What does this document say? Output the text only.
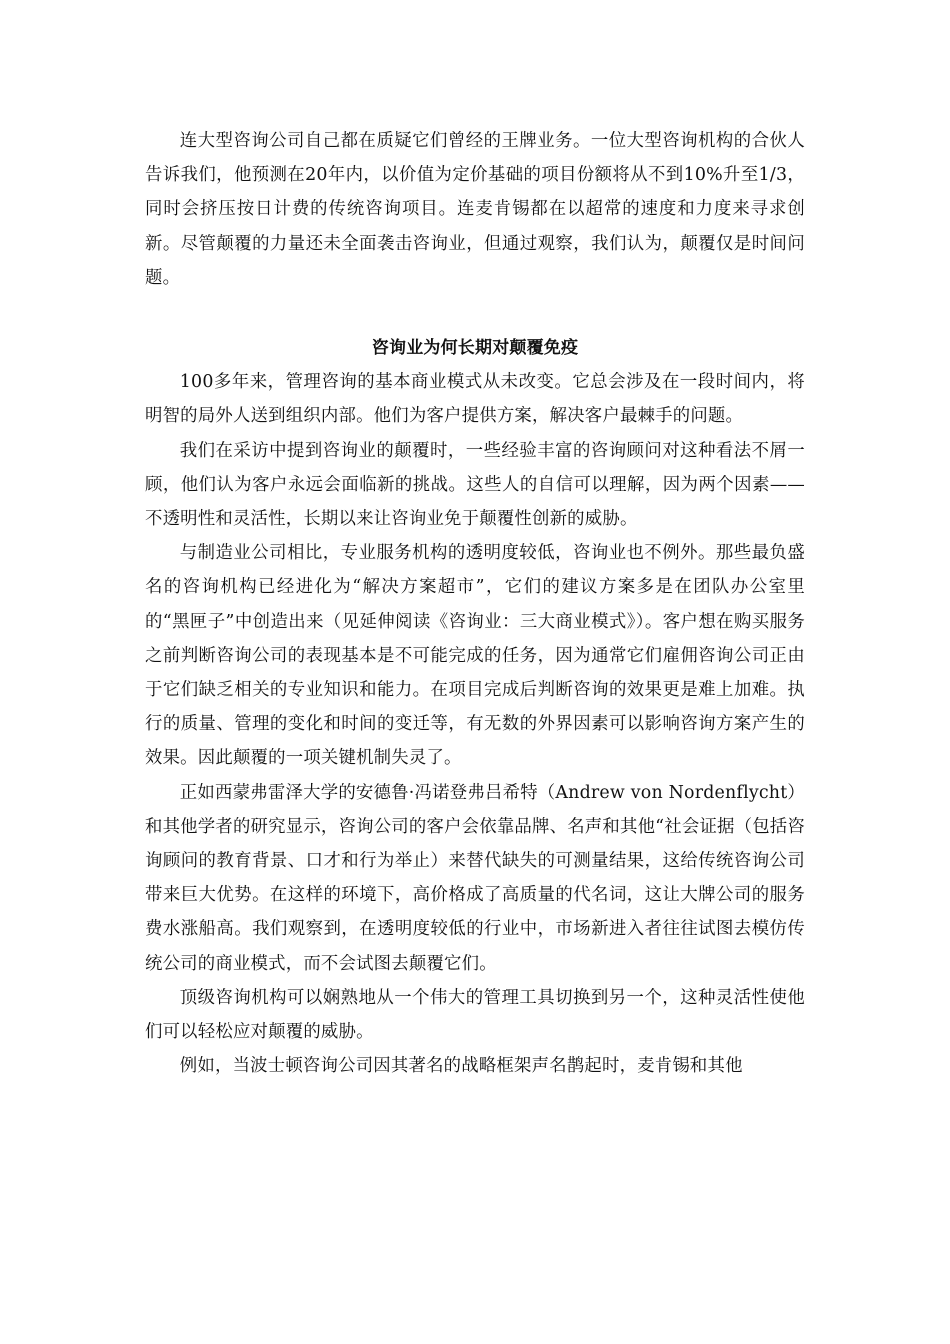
连大型咨询公司自己都在质疑它们曾经的王牌业务。一位大型咨询机构的合伙人告诉我们，他预测在20年内，以价值为定价基础的项目份额将从不到10%升至1/3，同时会挤压按日计费的传统咨询项目。连麦肯锡都在以超常的速度和力度来寻求创新。尽管颠覆的力量还未全面袭击咨询业，但通过观察，我们认为，颠覆仅是时间问题。

咨询业为何长期对颠覆免疫

100多年来，管理咨询的基本商业模式从未改变。它总会涉及在一段时间内，将明智的局外人送到组织内部。他们为客户提供方案，解决客户最棘手的问题。

我们在采访中提到咨询业的颠覆时，一些经验丰富的咨询顾问对这种看法不屑一顾，他们认为客户永远会面临新的挑战。这些人的自信可以理解，因为两个因素——不透明性和灵活性，长期以来让咨询业免于颠覆性创新的威胁。

与制造业公司相比，专业服务机构的透明度较低，咨询业也不例外。那些最负盛名的咨询机构已经进化为“解决方案超市”，它们的建议方案多是在团队办公室里的“黑匣子”中创造出来（见延伸阅读《咨询业：三大商业模式》）。客户想在购买服务之前判断咨询公司的表现基本是不可能完成的任务，因为通常它们雇佣咨询公司正由于它们缺乏相关的专业知识和能力。在项目完成后判断咨询的效果更是难上加难。执行的质量、管理的变化和时间的变迁等，有无数的外界因素可以影响咨询方案产生的效果。因此颠覆的一项关键机制失灵了。

正如西蒙弗雷泽大学的安德鲁·冯诺登弗吕希特（Andrew von Nordenflycht）和其他学者的研究显示，咨询公司的客户会依靠品牌、名声和其他“社会证据（包括咨询顾问的教育背景、口才和行为举止）来替代缺失的可测量结果，这给传统咨询公司带来巨大优势。在这样的环境下，高价格成了高质量的代名词，这让大牌公司的服务费水涨船高。我们观察到，在透明度较低的行业中，市场新进入者往往试图去模仿传统公司的商业模式，而不会试图去颠覆它们。

顶级咨询机构可以娴熟地从一个伟大的管理工具切换到另一个，这种灵活性使他们可以轻松应对颠覆的威胁。

例如，当波士顿咨询公司因其著名的战略框架声名鹊起时，麦肯锡和其他
